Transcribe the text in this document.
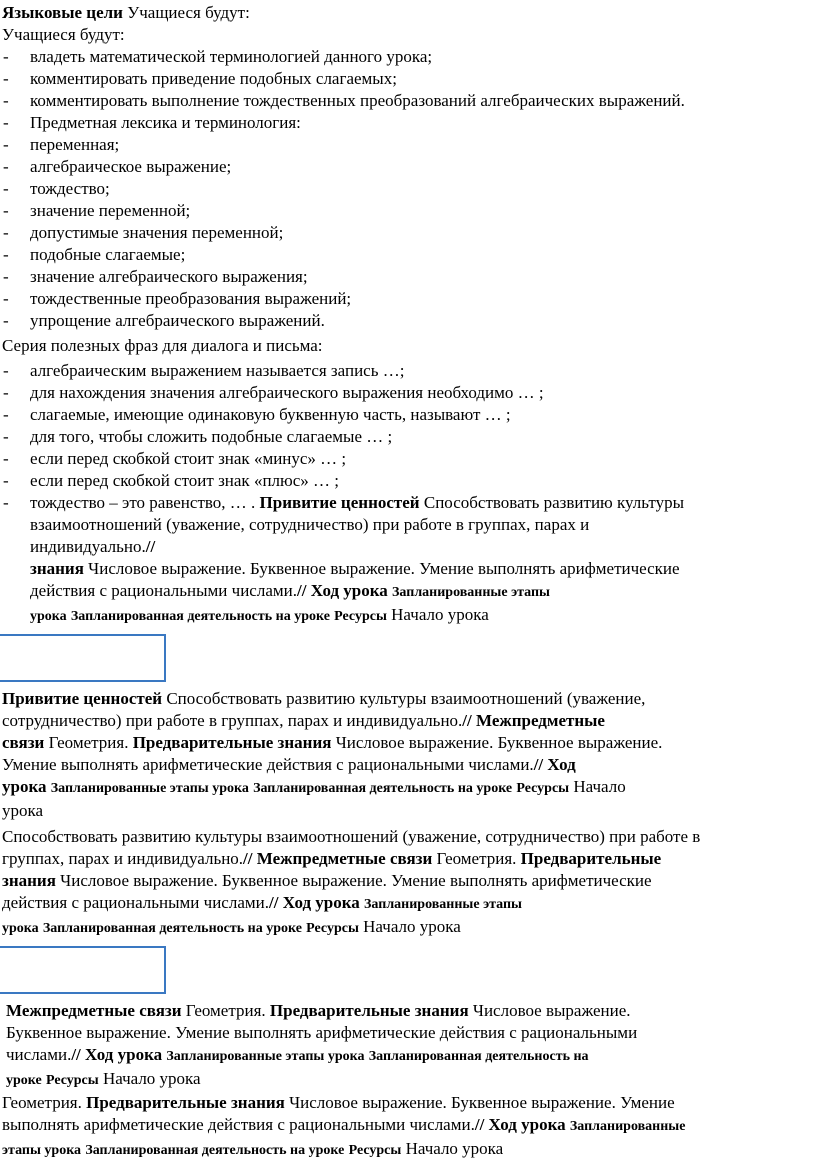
Языковые цели Учащиеся будут:
Учащиеся будут:
- владеть математической терминологией данного урока;
- комментировать приведение подобных слагаемых;
- комментировать выполнение тождественных преобразований алгебраических выражений.
- Предметная лексика и терминология:
- переменная;
- алгебраическое выражение;
- тождество;
- значение переменной;
- допустимые значения переменной;
- подобные слагаемые;
- значение алгебраического выражения;
- тождественные преобразования выражений;
- упрощение алгебраического выражений.
Серия полезных фраз для диалога и письма:
- алгебраическим выражением называется запись …;
- для нахождения значения алгебраического выражения необходимо … ;
- слагаемые, имеющие одинаковую буквенную часть, называют … ;
- для того, чтобы сложить подобные слагаемые … ;
- если перед скобкой стоит знак «минус» … ;
- если перед скобкой стоит знак «плюс» … ;
- тождество – это равенство, … . Привитие ценностей Способствовать развитию культуры
взаимоотношений (уважение, сотрудничество) при работе в группах, парах и
индивидуально.//
знания Числовое выражение. Буквенное выражение. Умение выполнять арифметические
действия с рациональными числами.// Ход урока Запланированные этапы
урока Запланированная деятельность на уроке Ресурсы Начало урока
Привитие ценностей Способствовать развитию культуры взаимоотношений (уважение,
сотрудничество) при работе в группах, парах и индивидуально.// Межпредметные
связи Геометрия. Предварительные знания Числовое выражение. Буквенное выражение.
Умение выполнять арифметические действия с рациональными числами.// Ход
урока Запланированные этапы урока Запланированная деятельность на уроке Ресурсы Начало
урока
Способствовать развитию культуры взаимоотношений (уважение, сотрудничество) при работе в
группах, парах и индивидуально.// Межпредметные связи Геометрия. Предварительные
знания Числовое выражение. Буквенное выражение. Умение выполнять арифметические
действия с рациональными числами.// Ход урока Запланированные этапы
урока Запланированная деятельность на уроке Ресурсы Начало урока
Межпредметные связи Геометрия. Предварительные знания Числовое выражение.
Буквенное выражение. Умение выполнять арифметические действия с рациональными
числами.// Ход урока Запланированные этапы урока Запланированная деятельность на
уроке Ресурсы Начало урока
Геометрия. Предварительные знания Числовое выражение. Буквенное выражение. Умение
выполнять арифметические действия с рациональными числами.// Ход урока Запланированные
этапы урока Запланированная деятельность на уроке Ресурсы Начало урока
